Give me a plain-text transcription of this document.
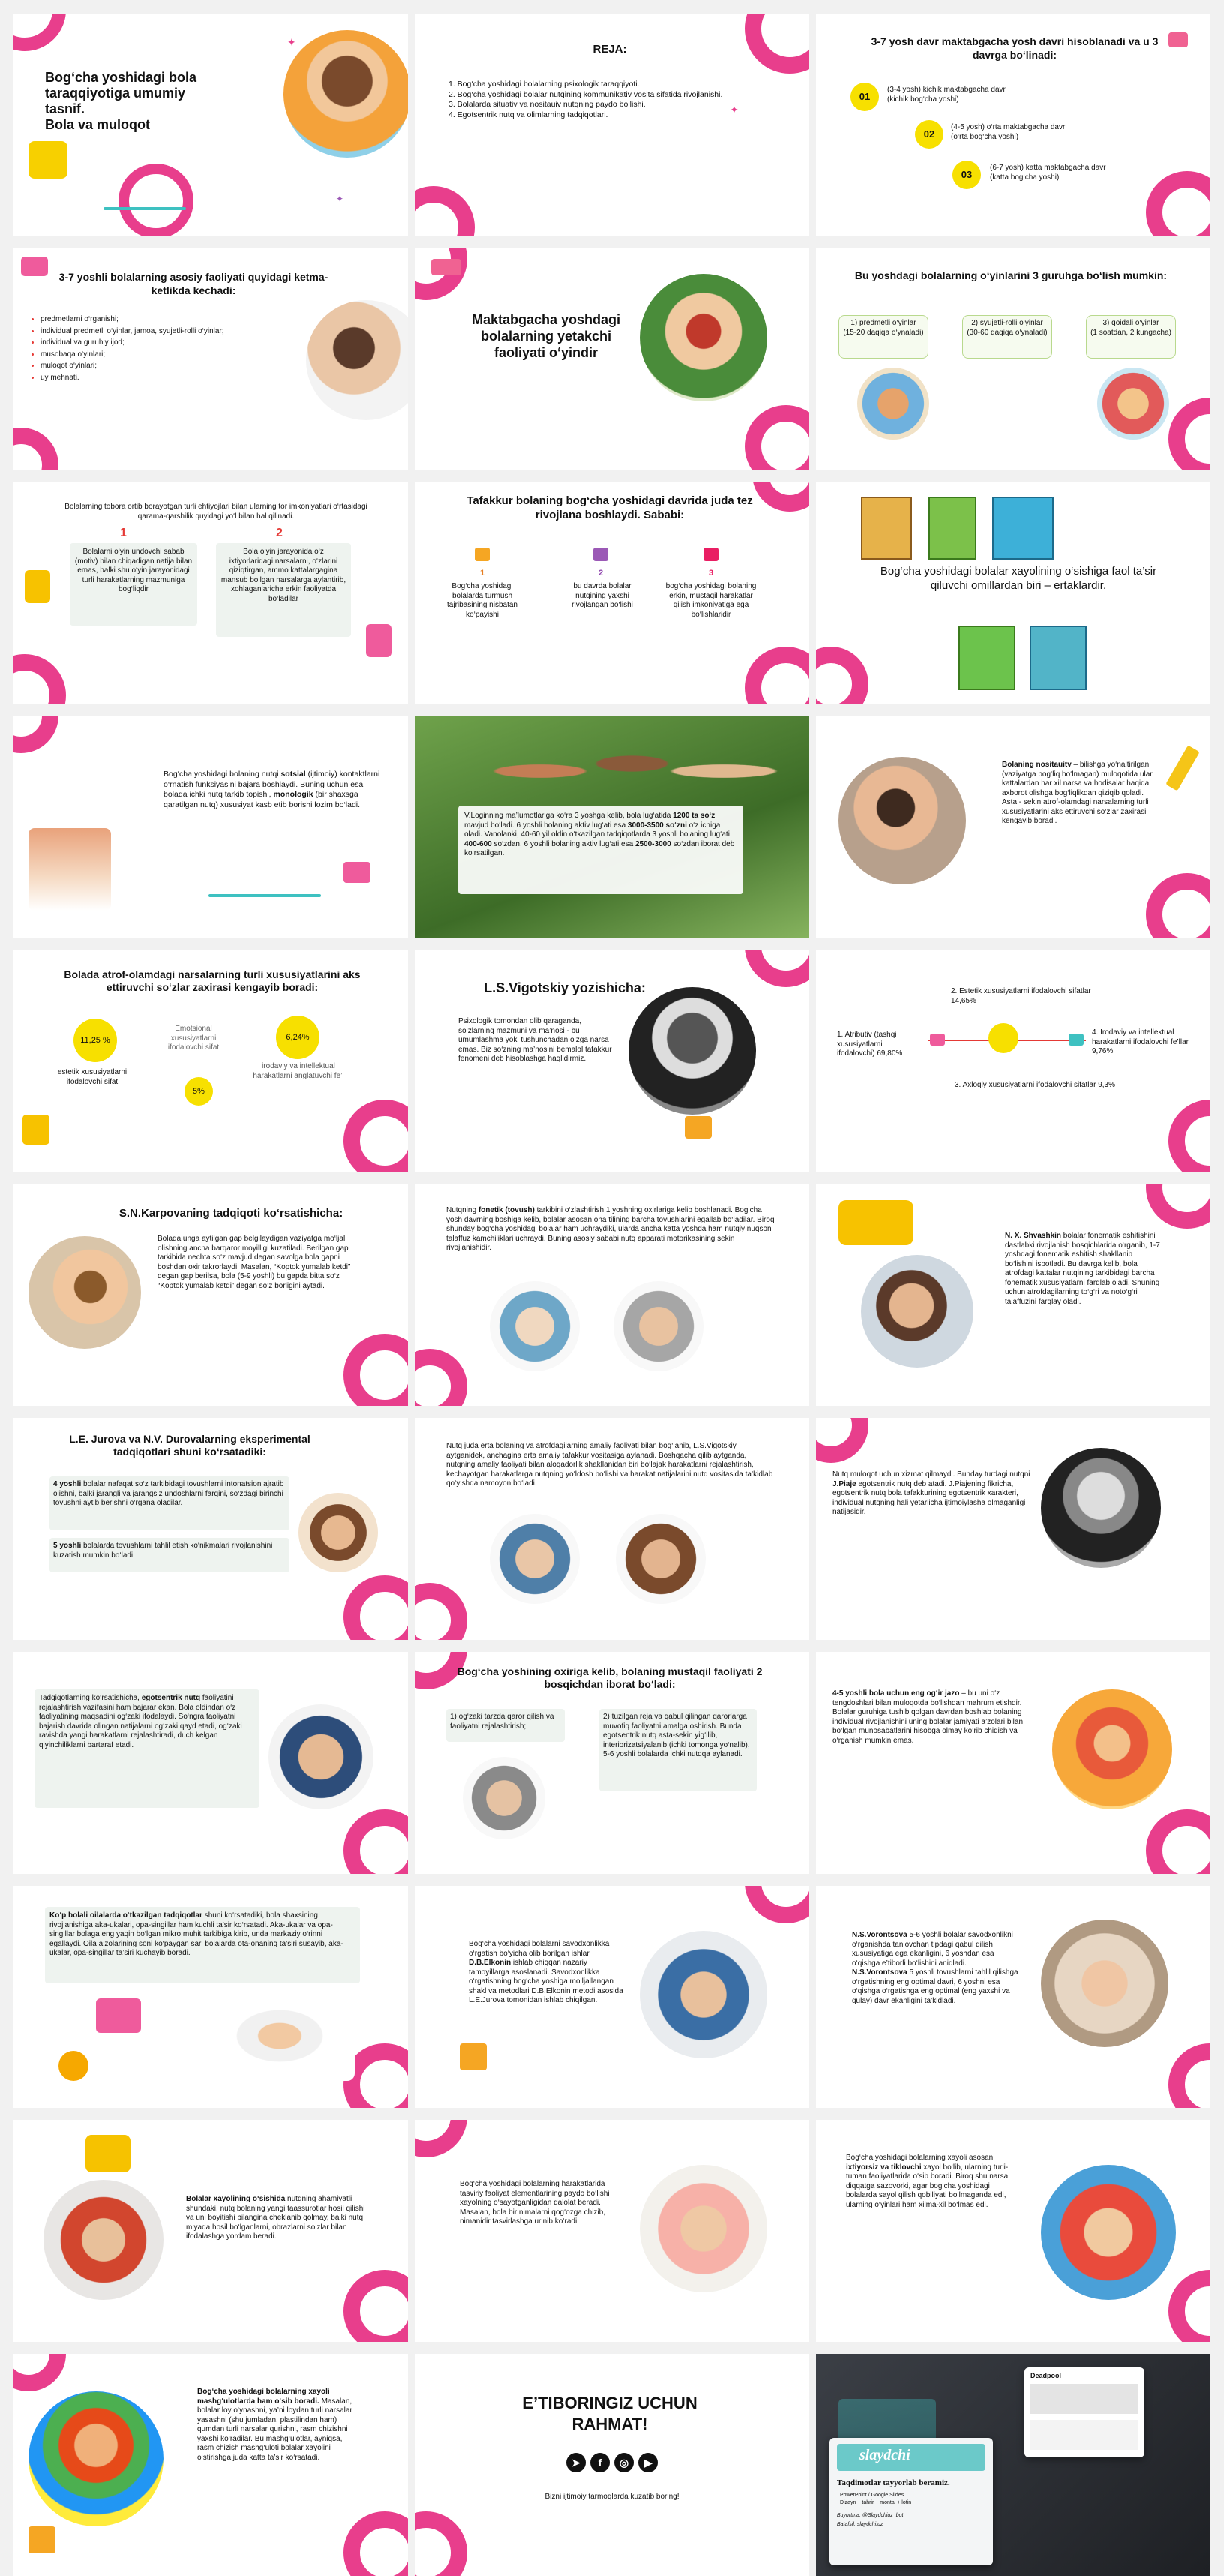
Bog‘cha yoshidagi bola taraqqiyotiga umumiy tasnif.
Bola va muloqot
✦
✦
REJA:
1. Bog‘cha yoshidagi bolalarning psixologik taraqqiyoti.
2. Bog‘cha yoshidagi bolalar nutqining kommunikativ vosita sifatida rivojlanishi.
3. Bolalarda situativ va nositauiv nutqning paydo bo‘lishi.
4. Egotsentrik nutq va olimlarning tadqiqotlari.	✦
3-7 yosh davr maktabgacha yosh davri hisoblanadi va u 3 davrga bo‘linadi:
01
(3-4 yosh) kichik maktabgacha davr
(kichik bog‘cha yoshi)
02
(4-5 yosh) o‘rta maktabgacha davr
(o‘rta bog‘cha yoshi)
03
(6-7 yosh) katta maktabgacha davr
(katta bog‘cha yoshi)
3-7 yoshli bolalarning asosiy faoliyati quyidagi ketma-ketlikda kechadi:
• predmetlarni o‘rganishi;
• individual predmetli o‘yinlar, jamoa, syujetli-rolli o‘yinlar;
• individual va guruhiy ijod;
• musobaqa o‘yinlari;
• muloqot o‘yinlari;
• uy mehnati.
Maktabgacha yoshdagi bolalarning yetakchi faoliyati o‘yindir
Bu yoshdagi bolalarning o‘yinlarini 3 guruhga bo‘lish mumkin:
1) predmetli o‘yinlar
(15-20 daqiqa o‘ynaladi)
2) syujetli-rolli o‘yinlar
(30-60 daqiqa o‘ynaladi)
3) qoidali o‘yinlar
(1 soatdan, 2 kungacha)
Bolalarning tobora ortib borayotgan turli ehtiyojlari bilan ularning tor imkoniyatlari o‘rtasidagi qarama-qarshilik quyidagi yo‘l bilan hal qilinadi.
1
Bolalarni o‘yin undovchi sabab (motiv) bilan chiqadigan natija bilan emas, balki shu o‘yin jarayonidagi turli harakatlarning mazmuniga bog‘liqdir
2
Bola o‘yin jarayonida o‘z ixtiyorlaridagi narsalarni, o‘zlarini qiziqtirgan, ammo kattalargagina mansub bo‘lgan narsalarga aylantirib, xohlaganlaricha erkin faoliyatda bo‘ladilar
Tafakkur bolaning bog‘cha yoshidagi davrida juda tez rivojlana boshlaydi. Sababi:
1
Bog‘cha yoshidagi bolalarda turmush tajribasining nisbatan ko‘payishi
2
bu davrda bolalar nutqining yaxshi rivojlangan bo‘lishi
3
bog‘cha yoshidagi bolaning erkin, mustaqil harakatlar qilish imkoniyatiga ega bo‘lishlaridir
Bog‘cha yoshidagi bolalar xayolining o‘sishiga faol ta’sir qiluvchi omillardan biri – ertaklardir.
Bog‘cha yoshidagi bolaning nutqi sotsial (ijtimoiy) kontaktlarni o‘rnatish funksiyasini bajara boshlaydi. Buning uchun esa bolada ichki nutq tarkib topishi, monologik (bir shaxsga qaratilgan nutq) xususiyat kasb etib borishi lozim bo‘ladi.
V.Loginning ma’lumotlariga ko‘ra 3 yoshga kelib, bola lug‘atida 1200 ta so‘z mavjud bo‘ladi. 6 yoshli bolaning aktiv lug‘ati esa 3000-3500 so‘zni o‘z ichiga oladi. Vanolanki, 40-60 yil oldin o‘tkazilgan tadqiqotlarda 3 yoshli bolaning lug‘ati 400-600 so‘zdan, 6 yoshli bolaning aktiv lug‘ati esa 2500-3000 so‘zdan iborat deb ko‘rsatilgan.
Bolaning nositauitv – bilishga yo‘naltirilgan (vaziyatga bog‘liq bo‘lmagan) muloqotida ular kattalardan har xil narsa va hodisalar haqida axborot olishga bog‘liqlikdan qiziqib qoladi. Asta - sekin atrof-olamdagi narsalarning turli xususiyatlarini aks ettiruvchi so‘zlar zaxirasi kengayib boradi.
Bolada atrof-olamdagi narsalarning turli xususiyatlarini aks ettiruvchi so‘zlar zaxirasi kengayib boradi:
11,25 %
estetik xususiyatlarni ifodalovchi sifat
Emotsional xususiyatlarni ifodalovchi sifat
5%
6,24%
irodaviy va intellektual harakatlarni anglatuvchi fe’l
L.S.Vigotskiy yozishicha:
Psixologik tomondan olib qaraganda, so‘zlarning mazmuni va ma’nosi - bu umumlashma yoki tushunchadan o‘zga narsa emas. Biz so‘zning ma’nosini bemalol tafakkur fenomeni deb hisoblashga haqlidirmiz.
2. Estetik xususiyatlarni ifodalovchi sifatlar 14,65%
1. Atributiv (tashqi xususiyatlarni ifodalovchi) 69,80%
4. Irodaviy va intellektual harakatlarni ifodalovchi fe’llar 9,76%
3. Axloqiy xususiyatlarni ifodalovchi sifatlar 9,3%
S.N.Karpovaning tadqiqoti ko‘rsatishicha:
Bolada unga aytilgan gap belgilaydigan vaziyatga mo‘ljal olishning ancha barqaror moyilligi kuzatiladi. Berilgan gap tarkibida nechta so‘z mavjud degan savolga bola gapni boshdan oxir takrorlaydi. Masalan, “Koptok yumalab ketdi” degan gap berilsa, bola (5-9 yoshli) bu gapda bitta so‘z “Koptok yumalab ketdi” degan so‘z borligini aytadi.
Nutqning fonetik (tovush) tarkibini o‘zlashtirish 1 yoshning oxirlariga kelib boshlanadi. Bog‘cha yosh davrning boshiga kelib, bolalar asosan ona tilining barcha tovushlarini egallab bo‘ladilar. Biroq shunday bog‘cha yoshidagi bolalar ham uchraydiki, ularda ancha katta yoshda ham nutqiy nuqson talaffuz kamchiliklari uchraydi. Buning asosiy sababi nutq apparati motorikasining sekin rivojlanishidir.
N. X. Shvashkin bolalar fonematik eshitishini dastlabki rivojlanish bosqichlarida o‘rganib, 1-7 yoshdagi fonematik eshitish shakllanib bo‘lishini isbotladi. Bu davrga kelib, bola atrofdagi kattalar nutqining tarkibidagi barcha fonematik xususiyatlarni farqlab oladi. Shuning uchun atrofdagilarning to‘g‘ri va noto‘g‘ri talaffuzini farqlay oladi.
L.E. Jurova va N.V. Durovalarning eksperimental tadqiqotlari shuni ko‘rsatadiki:
4 yoshli bolalar nafaqat so‘z tarkibidagi tovushlarni intonatsion ajratib olishni, balki jarangli va jarangsiz undoshlarni farqini, so‘zdagi birinchi tovushni aytib berishni o‘rgana oladilar.
5 yoshli bolalarda tovushlarni tahlil etish ko‘nikmalari rivojlanishini kuzatish mumkin bo‘ladi.
Nutq juda erta bolaning va atrofdagilarning amaliy faoliyati bilan bog‘lanib, L.S.Vigotskiy aytganidek, anchagina erta amaliy tafakkur vositasiga aylanadi. Boshqacha qilib aytganda, nutqning amaliy faoliyati bilan aloqadorlik shakllanidan biri bo‘lajak harakatlarni rejalashtirish, kechayotgan harakatlarga nutqning yo‘ldosh bo‘lishi va harakat natijalarini nutq vositasida ta’kidlab qo‘yishda namoyon bo‘ladi.
Nutq muloqot uchun xizmat qilmaydi. Bunday turdagi nutqni J.Piaje egotsentrik nutq deb atadi. J.Piajening fikricha, egotsentrik nutq bola tafakkurining egotsentrik xarakteri, individual nutqning hali yetarlicha ijtimoiylasha olmaganligi natijasidir.
Tadqiqotlarning ko‘rsatishicha, egotsentrik nutq faoliyatini rejalashtirish vazifasini ham bajarar ekan. Bola oldindan o‘z faoliyatining maqsadini og‘zaki ifodalaydi. So‘ngra faoliyatni bajarish davrida olingan natijalarni og‘zaki qayd etadi, og‘zaki ravishda yangi harakatlarni rejalashtiradi, duch kelgan qiyinchiliklarni bartaraf etadi.
Bog‘cha yoshining oxiriga kelib, bolaning mustaqil faoliyati 2 bosqichdan iborat bo‘ladi:
1) og‘zaki tarzda qaror qilish va faoliyatni rejalashtirish;
2) tuzilgan reja va qabul qilingan qarorlarga muvofiq faoliyatni amalga oshirish. Bunda egotsentrik nutq asta-sekin yig‘ilib, interiorizatsiyalanib (ichki tomonga yo‘nalib), 5-6 yoshli bolalarda ichki nutqqa aylanadi.
4-5 yoshli bola uchun eng og‘ir jazo – bu uni o‘z tengdoshlari bilan muloqotda bo‘lishdan mahrum etishdir. Bolalar guruhiga tushib qolgan davrdan boshlab bolaning individual rivojlanishini uning bolalar jamiyati a’zolari bilan bo‘lgan munosabatlarini hisobga olmay ko‘rib chiqish va o‘rganish mumkin emas.
Ko‘p bolali oilalarda o‘tkazilgan tadqiqotlar shuni ko‘rsatadiki, bola shaxsining rivojlanishiga aka-ukalari, opa-singillar ham kuchli ta’sir ko‘rsatadi. Aka-ukalar va opa-singillar bolaga eng yaqin bo‘lgan mikro muhit tarkibiga kirib, unda markaziy o‘rinni egallaydi. Oila a’zolarining soni ko‘paygan sari bolalarda ota-onaning ta’siri susayib, aka-ukalar, opa-singillar ta’siri kuchayib boradi.
Bog‘cha yoshidagi bolalarni savodxonlikka o‘rgatish bo‘yicha olib borilgan ishlar D.B.Elkonin ishlab chiqqan nazariy tamoyillarga asoslanadi. Savodxonlikka o‘rgatishning bog‘cha yoshiga mo‘ljallangan shakl va metodlari D.B.Elkonin metodi asosida L.E.Jurova tomonidan ishlab chiqilgan.
N.S.Vorontsova 5-6 yoshli bolalar savodxonlikni o‘rganishda tanlovchan tipdagi qabul qilish xususiyatiga ega ekanligini, 6 yoshdan esa o‘qishga e’tiborli bo‘lishini aniqladi. N.S.Vorontsova 5 yoshli tovushlarni tahlil qilishga o‘rgatishning eng optimal davri, 6 yoshni esa o‘qishga o‘rgatishga eng optimal (eng yaxshi va qulay) davr ekanligini ta’kidladi.
Bolalar xayolining o‘sishida nutqning ahamiyatli shundaki, nutq bolaning yangi taassurotlar hosil qilishi va uni boyitishi bilangina cheklanib qolmay, balki nutq miyada hosil bo‘lganlarni, obrazlarni so‘zlar bilan ifodalashga yordam beradi.
Bog‘cha yoshidagi bolalarning harakatlarida tasviriy faoliyat elementlarining paydo bo‘lishi xayolning o‘sayotganligidan dalolat beradi. Masalan, bola bir nimalarni qog‘ozga chizib, nimanidir tasvirlashga urinib ko‘radi.
Bog‘cha yoshidagi bolalarning xayoli asosan ixtiyorsiz va tiklovchi xayol bo‘lib, ularning turli-tuman faoliyatlarida o‘sib boradi. Biroq shu narsa diqqatga sazovorki, agar bog‘cha yoshidagi bolalarda sayol qilish qobiliyati bo‘lmaganda edi, ularning o‘yinlari ham xilma-xil bo‘lmas edi.
Bog‘cha yoshidagi bolalarning xayoli mashg‘ulotlarda ham o‘sib boradi. Masalan, bolalar loy o‘ynashni, ya’ni loydan turli narsalar yasashni (shu jumladan, plastilindan ham) qumdan turli narsalar qurishni, rasm chizishni yaxshi ko‘radilar. Bu mashg‘ulotlar, ayniqsa, rasm chizish mashg‘uloti bolalar xayolini o‘stirishga juda katta ta’sir ko‘rsatadi.
E’TIBORINGIZ UCHUN RAHMAT!
➤ f ◎ ▶
Bizni ijtimoiy tarmoqlarda kuzatib boring!
Deadpool
slaydchi
Taqdimotlar tayyorlab beramiz.
PowerPoint / Google Slides
Dizayn + tahrir + montaj + lotin
Buyurtma: @Slaydchiuz_bot
Batafsil: slaydchi.uz
